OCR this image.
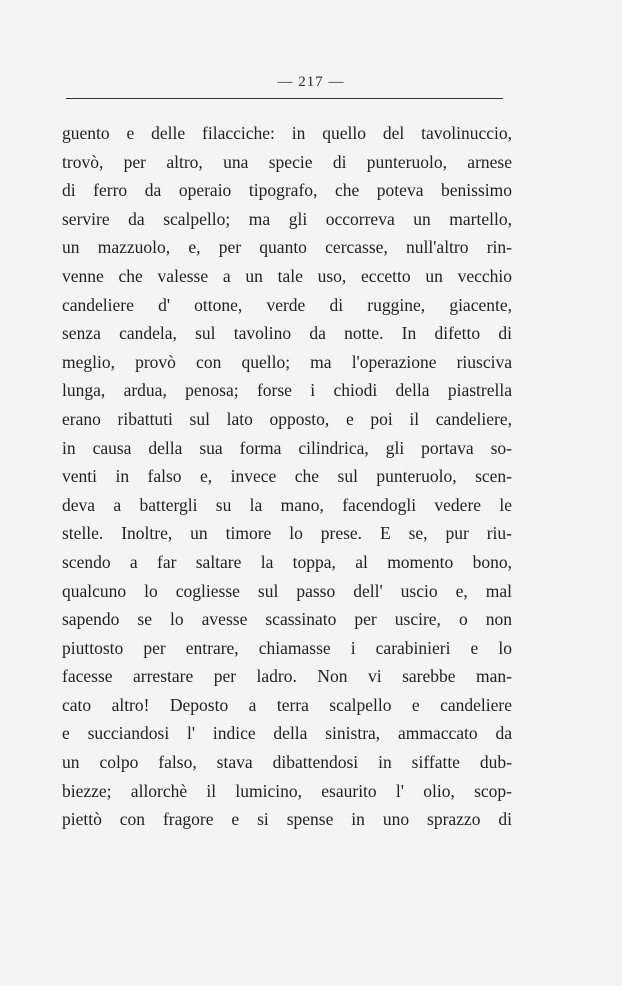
— 217 —
guento e delle filacciche: in quello del tavolinuccio,
trovò, per altro, una specie di punteruolo, arnese
di ferro da operaio tipografo, che poteva benissimo
servire da scalpello; ma gli occorreva un martello,
un mazzuolo, e, per quanto cercasse, null'altro rin-
venne che valesse a un tale uso, eccetto un vecchio
candeliere d' ottone, verde di ruggine, giacente,
senza candela, sul tavolino da notte. In difetto di
meglio, provò con quello; ma l'operazione riusciva
lunga, ardua, penosa; forse i chiodi della piastrella
erano ribattuti sul lato opposto, e poi il candeliere,
in causa della sua forma cilindrica, gli portava so-
venti in falso e, invece che sul punteruolo, scen-
deva a battergli su la mano, facendogli vedere le
stelle. Inoltre, un timore lo prese. E se, pur riu-
scendo a far saltare la toppa, al momento bono,
qualcuno lo cogliesse sul passo dell' uscio e, mal
sapendo se lo avesse scassinato per uscire, o non
piuttosto per entrare, chiamasse i carabinieri e lo
facesse arrestare per ladro. Non vi sarebbe man-
cato altro! Deposto a terra scalpello e candeliere
e succiandosi l' indice della sinistra, ammaccato da
un colpo falso, stava dibattendosi in siffatte dub-
biezze; allorchè il lumicino, esaurito l' olio, scop-
piettò con fragore e si spense in uno sprazzo di
